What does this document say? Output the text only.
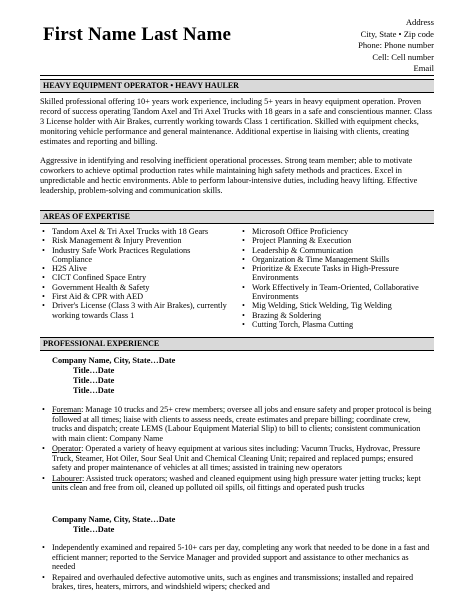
First Name Last Name
Address
City, State • Zip code
Phone: Phone number
Cell: Cell number
Email
HEAVY EQUIPMENT OPERATOR • HEAVY HAULER

Skilled professional offering 10+ years work experience, including 5+ years in heavy equipment operation. Proven record of success operating Tandom Axel and Tri Axel Trucks with 18 gears in a safe and conscientious manner. Class 3 License holder with Air Brakes, currently working towards Class 1 certification. Skilled with equipment checks, monitoring vehicle performance and general maintenance. Additional expertise in liaising with clients, creating estimates and reporting and billing.

Aggressive in identifying and resolving inefficient operational processes. Strong team member; able to motivate coworkers to achieve optimal production rates while maintaining high safety methods and practices. Excel in unpredictable and hectic environments. Able to perform labour-intensive duties, including heavy lifting. Effective leadership, problem-solving and communication skills.

AREAS OF EXPERTISE
• Tandom Axel & Tri Axel Trucks with 18 Gears
• Risk Management & Injury Prevention
• Industry Safe Work Practices Regulations Compliance
• H2S Alive
• CICT Confined Space Entry
• Government Health & Safety
• First Aid & CPR with AED
• Driver's License (Class 3 with Air Brakes), currently working towards Class 1
• Microsoft Office Proficiency
• Project Planning & Execution
• Leadership & Communication
• Organization & Time Management Skills
• Prioritize & Execute Tasks in High-Pressure Environments
• Work Effectively in Team-Oriented, Collaborative Environments
• Mig Welding, Stick Welding, Tig Welding
• Brazing & Soldering
• Cutting Torch, Plasma Cutting
PROFESSIONAL EXPERIENCE
Company Name, City, State…Date
Title…Date
Title…Date
Title…Date
• Foreman: Manage 10 trucks and 25+ crew members; oversee all jobs and ensure safety and proper protocol is being followed at all times; liaise with clients to assess needs, create estimates and prepare billing; coordinate crew, trucks and dispatch; create LEMS (Labour Equipment Material Slip) to bill to clients; consistent communication with main client: Company Name
• Operator: Operated a variety of heavy equipment at various sites including: Vacumn Trucks, Hydrovac, Pressure Truck, Steamer, Hot Oiler, Sour Seal Unit and Chemical Cleaning Unit; repaired and replaced pumps; ensured safety and proper maintenance of vehicles at all times; assisted in training new operators
• Labourer: Assisted truck operators; washed and cleaned equipment using high pressure water jetting trucks; kept units clean and free from oil, cleaned up polluted oil spills, oil fittings and operated push trucks
Company Name, City, State…Date
Title…Date
• Independently examined and repaired 5-10+ cars per day, completing any work that needed to be done in a fast and efficient manner; reported to the Service Manager and provided support and assistance to other mechanics as needed
• Repaired and overhauled defective automotive units, such as engines and transmissions; installed and repaired brakes, tires, heaters, mirrors, and windshield wipers; checked and
